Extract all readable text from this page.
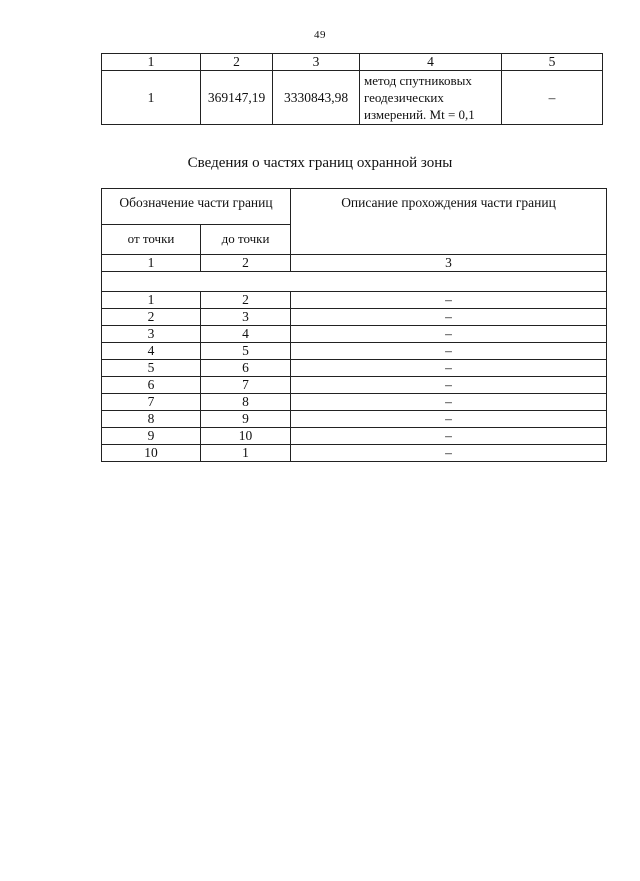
49
1	2	3	4	5
1	369147,19	3330843,98	метод спутниковых
геодезических
измерений. Mt = 0,1	–
Сведения о частях границ охранной зоны
Обозначение части границ		Описание прохождения части границ
от точки	до точки	
1	2	3

1	2	–
2	3	–
3	4	–
4	5	–
5	6	–
6	7	–
7	8	–
8	9	–
9	10	–
10	1	–
